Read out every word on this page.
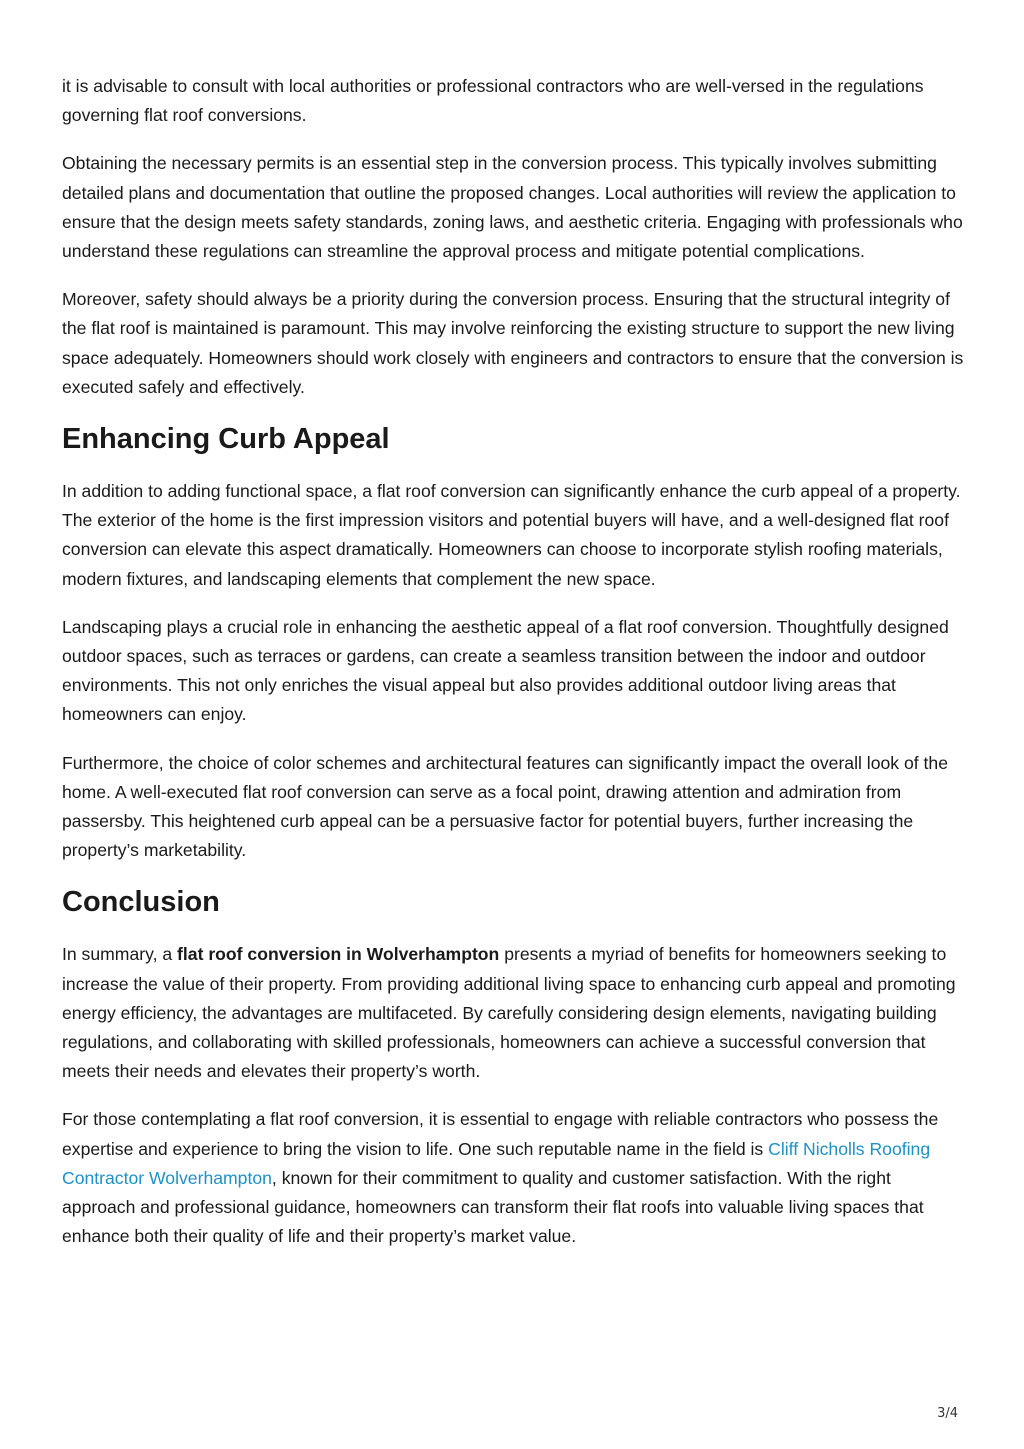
it is advisable to consult with local authorities or professional contractors who are well-versed in the regulations governing flat roof conversions.

Obtaining the necessary permits is an essential step in the conversion process. This typically involves submitting detailed plans and documentation that outline the proposed changes. Local authorities will review the application to ensure that the design meets safety standards, zoning laws, and aesthetic criteria. Engaging with professionals who understand these regulations can streamline the approval process and mitigate potential complications.

Moreover, safety should always be a priority during the conversion process. Ensuring that the structural integrity of the flat roof is maintained is paramount. This may involve reinforcing the existing structure to support the new living space adequately. Homeowners should work closely with engineers and contractors to ensure that the conversion is executed safely and effectively.

Enhancing Curb Appeal

In addition to adding functional space, a flat roof conversion can significantly enhance the curb appeal of a property. The exterior of the home is the first impression visitors and potential buyers will have, and a well-designed flat roof conversion can elevate this aspect dramatically. Homeowners can choose to incorporate stylish roofing materials, modern fixtures, and landscaping elements that complement the new space.

Landscaping plays a crucial role in enhancing the aesthetic appeal of a flat roof conversion. Thoughtfully designed outdoor spaces, such as terraces or gardens, can create a seamless transition between the indoor and outdoor environments. This not only enriches the visual appeal but also provides additional outdoor living areas that homeowners can enjoy.

Furthermore, the choice of color schemes and architectural features can significantly impact the overall look of the home. A well-executed flat roof conversion can serve as a focal point, drawing attention and admiration from passersby. This heightened curb appeal can be a persuasive factor for potential buyers, further increasing the property’s marketability.

Conclusion

In summary, a flat roof conversion in Wolverhampton presents a myriad of benefits for homeowners seeking to increase the value of their property. From providing additional living space to enhancing curb appeal and promoting energy efficiency, the advantages are multifaceted. By carefully considering design elements, navigating building regulations, and collaborating with skilled professionals, homeowners can achieve a successful conversion that meets their needs and elevates their property’s worth.

For those contemplating a flat roof conversion, it is essential to engage with reliable contractors who possess the expertise and experience to bring the vision to life. One such reputable name in the field is Cliff Nicholls Roofing Contractor Wolverhampton, known for their commitment to quality and customer satisfaction. With the right approach and professional guidance, homeowners can transform their flat roofs into valuable living spaces that enhance both their quality of life and their property’s market value.

3/4
